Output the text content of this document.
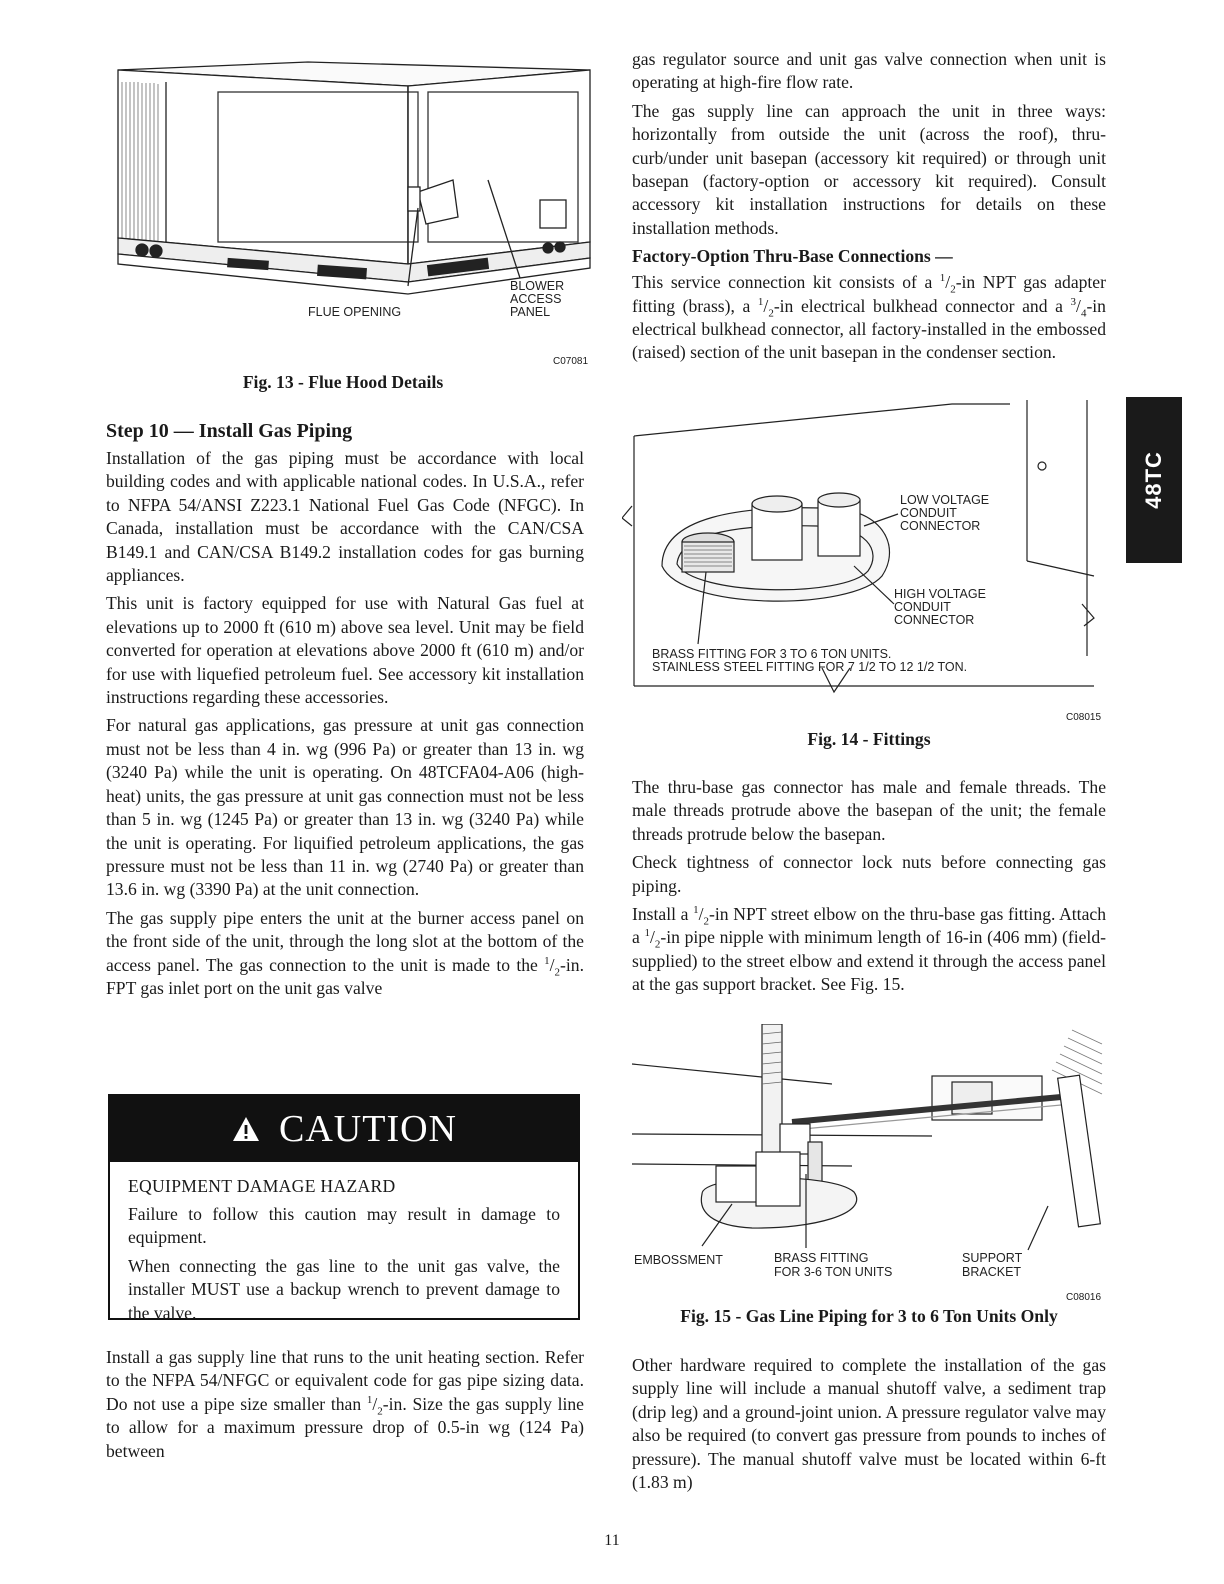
FLUE OPENING
BLOWER
ACCESS
PANEL
C07081
Fig. 13 - Flue Hood Details
Step 10 — Install Gas Piping

Installation of the gas piping must be accordance with local building codes and with applicable national codes. In U.S.A., refer to NFPA 54/ANSI Z223.1 National Fuel Gas Code (NFGC). In Canada, installation must be accordance with the CAN/CSA B149.1 and CAN/CSA B149.2 installation codes for gas burning appliances.

This unit is factory equipped for use with Natural Gas fuel at elevations up to 2000 ft (610 m) above sea level. Unit may be field converted for operation at elevations above 2000 ft (610 m) and/or for use with liquefied petroleum fuel. See accessory kit installation instructions regarding these accessories.

For natural gas applications, gas pressure at unit gas connection must not be less than 4 in. wg (996 Pa) or greater than 13 in. wg (3240 Pa) while the unit is operating. On 48TCFA04-A06 (high-heat) units, the gas pressure at unit gas connection must not be less than 5 in. wg (1245 Pa) or greater than 13 in. wg (3240 Pa) while the unit is operating. For liquified petroleum applications, the gas pressure must not be less than 11 in. wg (2740 Pa) or greater than 13.6 in. wg (3390 Pa) at the unit connection.

The gas supply pipe enters the unit at the burner access panel on the front side of the unit, through the long slot at the bottom of the access panel. The gas connection to the unit is made to the $^1/_2-in$. FPT gas inlet port on the unit gas valve

CAUTION
EQUIPMENT DAMAGE HAZARD

Failure to follow this caution may result in damage to equipment.

When connecting the gas line to the unit gas valve, the installer MUST use a backup wrench to prevent damage to the valve.

Install a gas supply line that runs to the unit heating section. Refer to the NFPA 54/NFGC or equivalent code for gas pipe sizing data. Do not use a pipe size smaller than $^1/_2-in$. Size the gas supply line to allow for a maximum pressure drop of 0.5-in wg (124 Pa) between

gas regulator source and unit gas valve connection when unit is operating at high-fire flow rate.

The gas supply line can approach the unit in three ways: horizontally from outside the unit (across the roof), thru-curb/under unit basepan (accessory kit required) or through unit basepan (factory-option or accessory kit required). Consult accessory kit installation instructions for details on these installation methods.

Factory-Option Thru-Base Connections —

This service connection kit consists of a $^1/_2-in$ NPT gas adapter fitting (brass), a $^1/_2-in$ electrical bulkhead connector and a $^3/_4-in$ electrical bulkhead connector, all factory-installed in the embossed (raised) section of the unit basepan in the condenser section.

LOW VOLTAGE
CONDUIT
CONNECTOR
HIGH VOLTAGE
CONDUIT
CONNECTOR
BRASS FITTING FOR 3 TO 6 TON UNITS.
STAINLESS STEEL FITTING FOR 7 1/2 TO 12 1/2 TON.
C08015
Fig. 14 - Fittings

The thru-base gas connector has male and female threads. The male threads protrude above the basepan of the unit; the female threads protrude below the basepan.

Check tightness of connector lock nuts before connecting gas piping.

Install a $^1/_2-in$ NPT street elbow on the thru-base gas fitting. Attach a $^1/_2-in$ pipe nipple with minimum length of 16-in (406 mm) (field-supplied) to the street elbow and extend it through the access panel at the gas support bracket. See Fig. 15.

EMBOSSMENT	BRASS FITTING
FOR 3-6 TON UNITS
SUPPORT
BRACKET
C08016
Fig. 15 - Gas Line Piping for 3 to 6 Ton Units Only

Other hardware required to complete the installation of the gas supply line will include a manual shutoff valve, a sediment trap (drip leg) and a ground-joint union. A pressure regulator valve may also be required (to convert gas pressure from pounds to inches of pressure). The manual shutoff valve must be located within 6-ft (1.83 m)

48TC
11
